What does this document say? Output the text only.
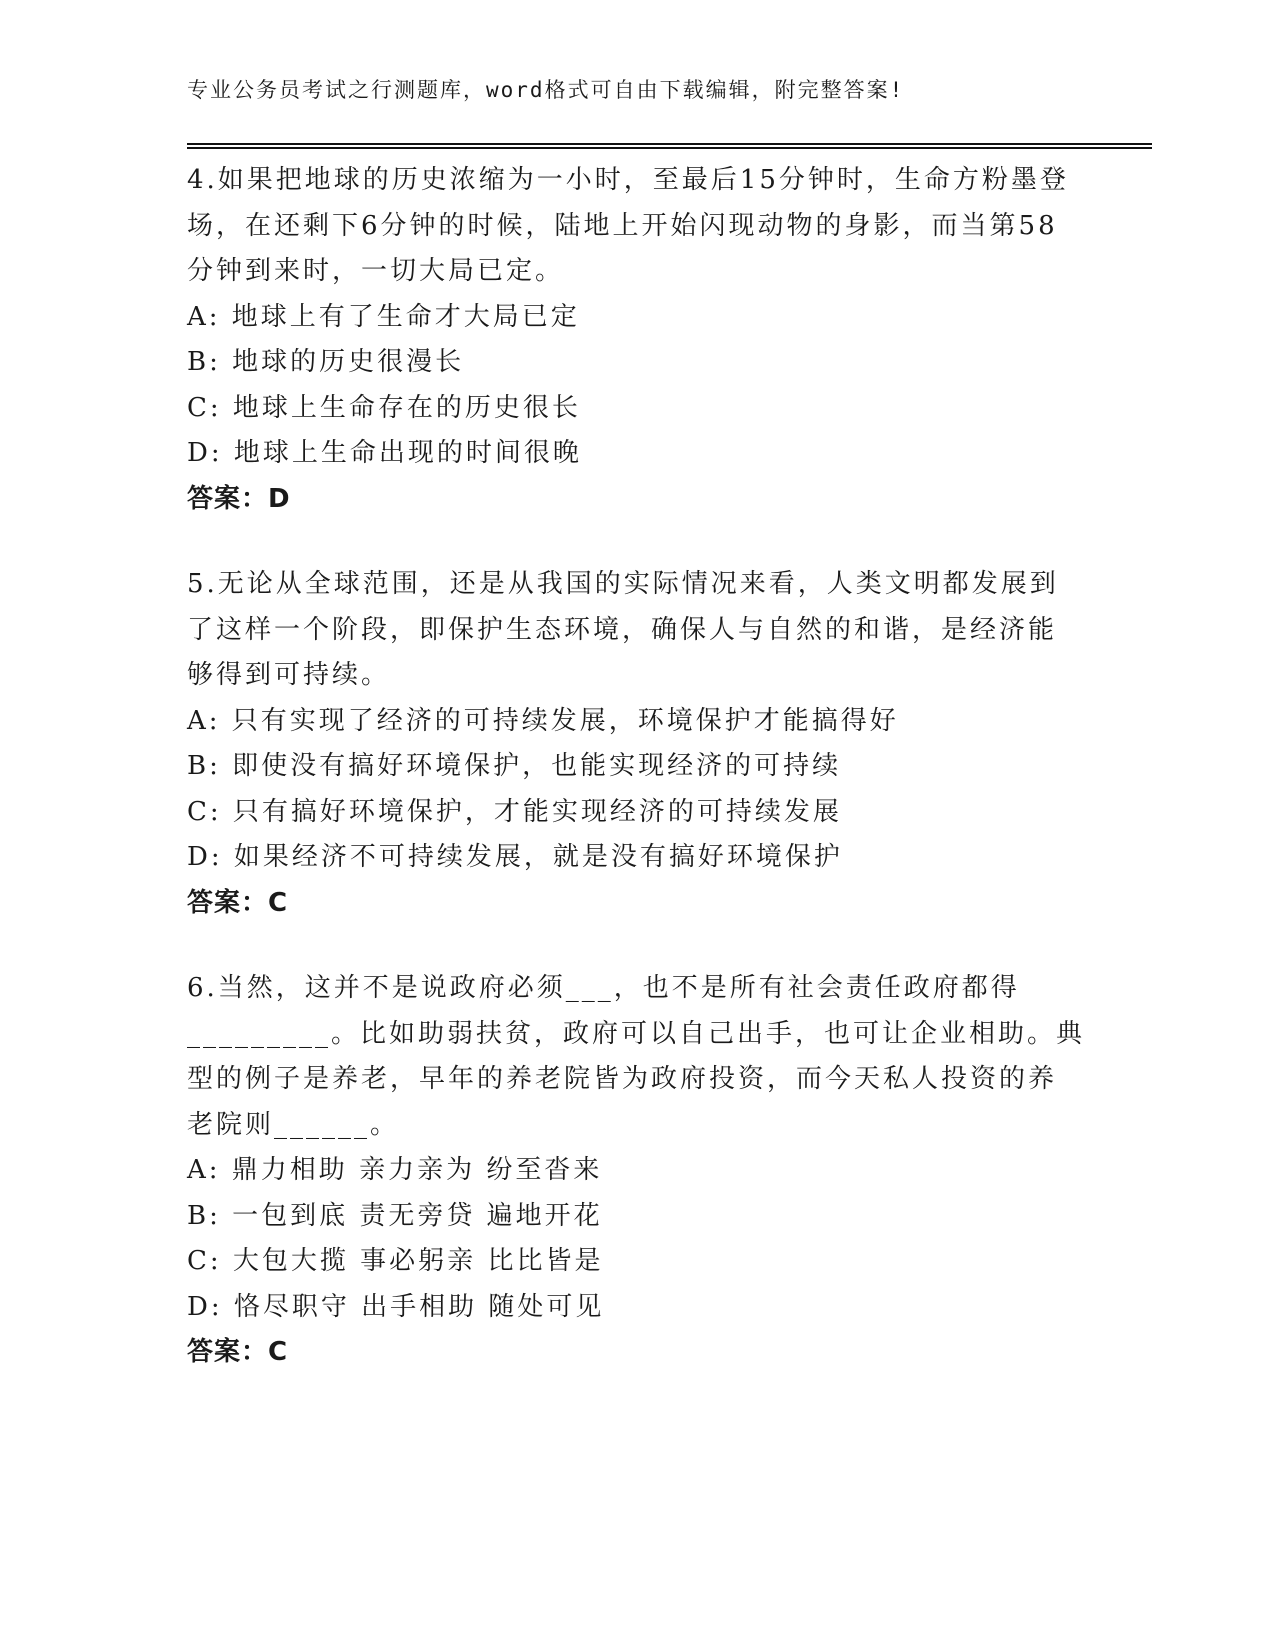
专业公务员考试之行测题库，word格式可自由下载编辑，附完整答案!
4.如果把地球的历史浓缩为一小时，至最后15分钟时，生命方粉墨登
场，在还剩下6分钟的时候，陆地上开始闪现动物的身影，而当第58
分钟到来时，一切大局已定。
A: 地球上有了生命才大局已定
B: 地球的历史很漫长
C: 地球上生命存在的历史很长
D: 地球上生命出现的时间很晚
答案：D
5.无论从全球范围，还是从我国的实际情况来看，人类文明都发展到
了这样一个阶段，即保护生态环境，确保人与自然的和谐，是经济能
够得到可持续。
A: 只有实现了经济的可持续发展，环境保护才能搞得好
B: 即使没有搞好环境保护，也能实现经济的可持续
C: 只有搞好环境保护，才能实现经济的可持续发展
D: 如果经济不可持续发展，就是没有搞好环境保护
答案：C
6.当然，这并不是说政府必须___，也不是所有社会责任政府都得
_________。比如助弱扶贫，政府可以自己出手，也可让企业相助。典
型的例子是养老，早年的养老院皆为政府投资，而今天私人投资的养
老院则______。
A: 鼎力相助 亲力亲为 纷至沓来
B: 一包到底 责无旁贷 遍地开花
C: 大包大揽 事必躬亲 比比皆是
D: 恪尽职守 出手相助 随处可见
答案：C
